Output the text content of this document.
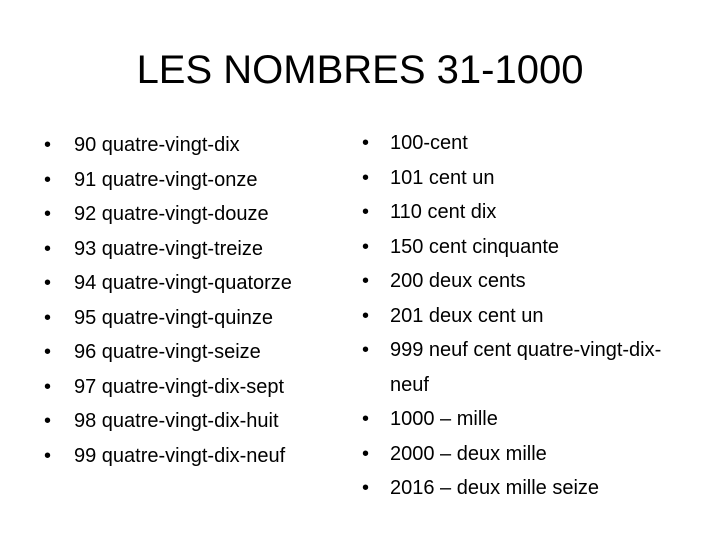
LES NOMBRES 31-1000
•	90 quatre-vingt-dix
•	91 quatre-vingt-onze
•	92 quatre-vingt-douze
•	93 quatre-vingt-treize
•	94 quatre-vingt-quatorze
•	95 quatre-vingt-quinze
•	96 quatre-vingt-seize
•	97 quatre-vingt-dix-sept
•	98 quatre-vingt-dix-huit
•	99 quatre-vingt-dix-neuf
•	100-cent
•	101 cent un
•	110 cent dix
•	150 cent cinquante
•	200 deux cents
•	201 deux cent un
•	999 neuf cent quatre-vingt-dix-neuf
•	1000 – mille
•	2000 – deux mille
•	2016 – deux mille seize
